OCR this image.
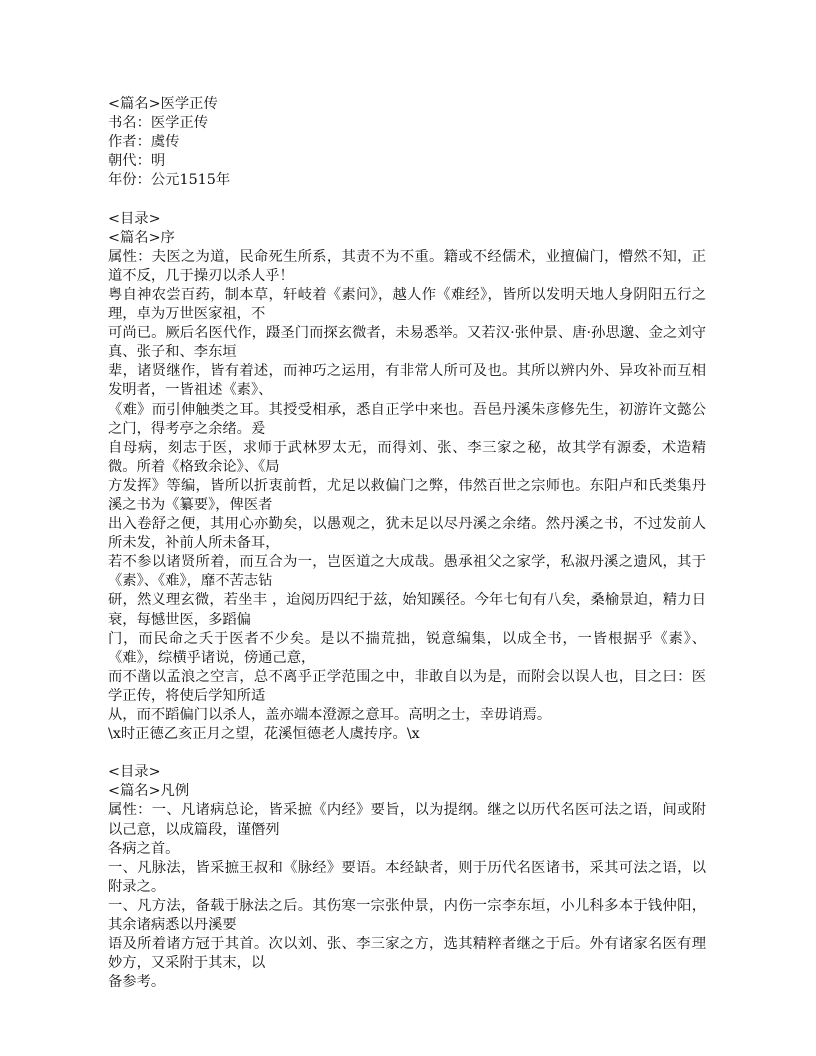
<篇名>医学正传
书名：医学正传
作者：虞传
朝代：明
年份：公元1515年
<目录>
<篇名>序
属性：夫医之为道，民命死生所系，其责不为不重。籍或不经儒术，业擅偏门，懵然不知，正道不反，几于操刃以杀人乎！
粤自神农尝百药，制本草，轩岐着《素问》，越人作《难经》，皆所以发明天地人身阴阳五行之理，卓为万世医家祖，不
可尚已。厥后名医代作，蹑圣门而探玄微者，未易悉举。又若汉·张仲景、唐·孙思邈、金之刘守真、张子和、李东垣
辈，诸贤继作，皆有着述，而神巧之运用，有非常人所可及也。其所以辨内外、异攻补而互相发明者，一皆祖述《素》、
《难》而引伸触类之耳。其授受相承，悉自正学中来也。吾邑丹溪朱彦修先生，初游许文懿公之门，得考亭之余绪。爰
自母病，刻志于医，求师于武林罗太无，而得刘、张、李三家之秘，故其学有源委，术造精微。所着《格致余论》、《局
方发挥》等编，皆所以折衷前哲，尤足以救偏门之弊，伟然百世之宗师也。东阳卢和氏类集丹溪之书为《纂要》，俾医者
出入卷舒之便，其用心亦勤矣，以愚观之，犹未足以尽丹溪之余绪。然丹溪之书，不过发前人所未发，补前人所未备耳，
若不参以诸贤所着，而互合为一，岂医道之大成哉。愚承祖父之家学，私淑丹溪之遗风，其于《素》、《难》，靡不苦志钻
研，然义理玄微，若坐丰 ，迨阅历四纪于兹，始知蹊径。今年七旬有八矣，桑榆景迫，精力日衰，每憾世医，多蹈偏
门，而民命之夭于医者不少矣。是以不揣荒拙，锐意编集，以成全书，一皆根据乎《素》、《难》，综横乎诸说，傍通己意，
而不凿以孟浪之空言，总不离乎正学范围之中，非敢自以为是，而附会以误人也，目之曰：医学正传，将使后学知所适
从，而不蹈偏门以杀人，盖亦端本澄源之意耳。高明之士，幸毋诮焉。
\x时正德乙亥正月之望，花溪恒德老人虞抟序。\x
<目录>
<篇名>凡例
属性：一、凡诸病总论，皆采摭《内经》要旨，以为提纲。继之以历代名医可法之语，间或附以己意，以成篇段，谨僭列
各病之首。
一、凡脉法，皆采摭王叔和《脉经》要语。本经缺者，则于历代名医诸书，采其可法之语，以附录之。
一、凡方法，备载于脉法之后。其伤寒一宗张仲景，内伤一宗李东垣，小儿科多本于钱仲阳，其余诸病悉以丹溪要
语及所着诸方冠于其首。次以刘、张、李三家之方，选其精粹者继之于后。外有诸家名医有理妙方，又采附于其末，以
备参考。
